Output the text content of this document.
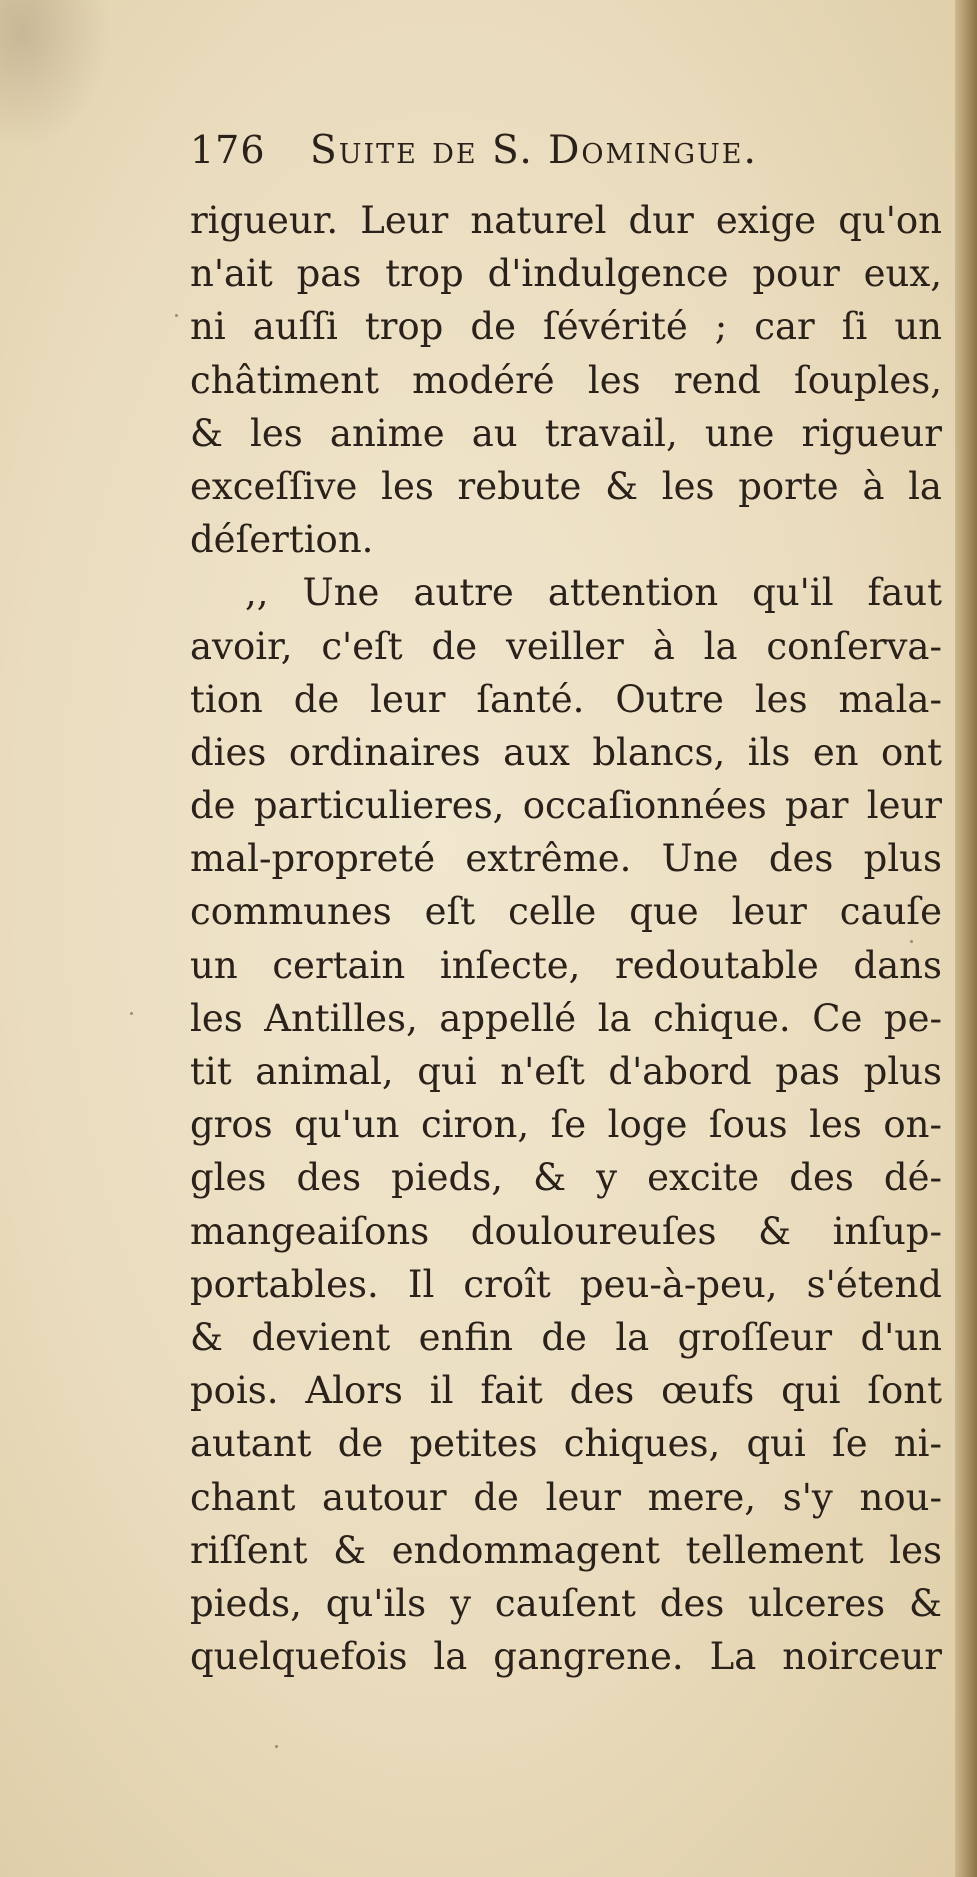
176	Suite de S. Domingue.
rigueur. Leur naturel dur exige qu'on
n'ait pas trop d'indulgence pour eux,
ni auſſi trop de ſévérité ; car ſi un
châtiment modéré les rend ſouples,
& les anime au travail, une rigueur
exceſſive les rebute & les porte à la
déſertion.
,, Une autre attention qu'il faut
avoir, c'eſt de veiller à la conſerva-
tion de leur ſanté. Outre les mala-
dies ordinaires aux blancs, ils en ont
de particulieres, occaſionnées par leur
mal-propreté extrême. Une des plus
communes eſt celle que leur cauſe
un certain inſecte, redoutable dans
les Antilles, appellé la chique. Ce pe-
tit animal, qui n'eſt d'abord pas plus
gros qu'un ciron, ſe loge ſous les on-
gles des pieds, & y excite des dé-
mangeaiſons douloureuſes & inſup-
portables. Il croît peu-à-peu, s'étend
& devient enfin de la groſſeur d'un
pois. Alors il fait des œufs qui ſont
autant de petites chiques, qui ſe ni-
chant autour de leur mere, s'y nou-
riſſent & endommagent tellement les
pieds, qu'ils y cauſent des ulceres &
quelquefois la gangrene. La noirceur
